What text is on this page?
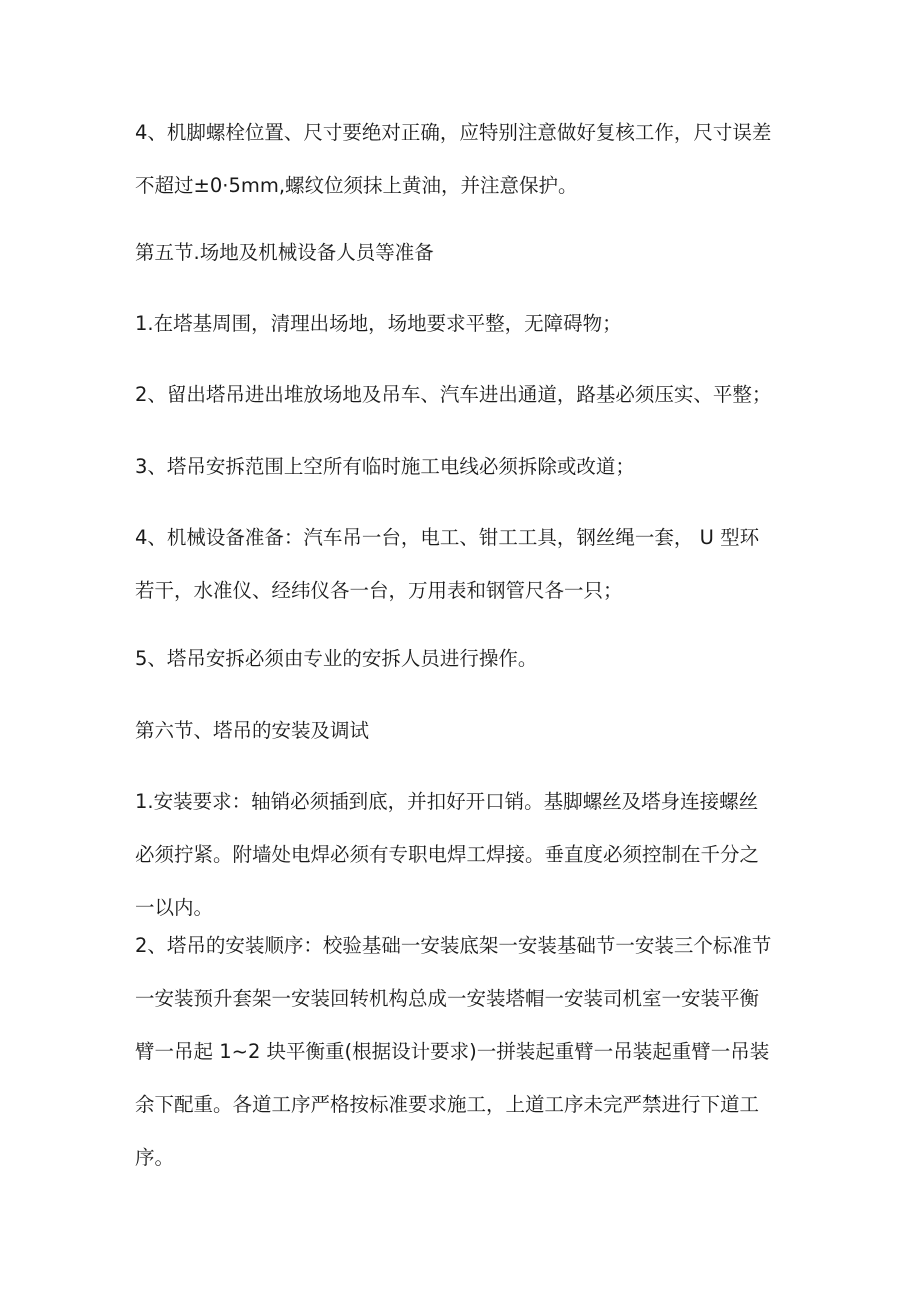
4、机脚螺栓位置、尺寸要绝对正确，应特别注意做好复核工作，尺寸误差
不超过±0·5mm,螺纹位须抹上黄油，并注意保护。

第五节.场地及机械设备人员等准备

1.在塔基周围，清理出场地，场地要求平整，无障碍物；

2、留出塔吊进出堆放场地及吊车、汽车进出通道，路基必须压实、平整；

3、塔吊安拆范围上空所有临时施工电线必须拆除或改道；

4、机械设备准备：汽车吊一台，电工、钳工工具，钢丝绳一套， U 型环
若干，水准仪、经纬仪各一台，万用表和钢管尺各一只；

5、塔吊安拆必须由专业的安拆人员进行操作。

第六节、塔吊的安装及调试

1.安装要求：轴销必须插到底，并扣好开口销。基脚螺丝及塔身连接螺丝
必须拧紧。附墙处电焊必须有专职电焊工焊接。垂直度必须控制在千分之
一以内。

2、塔吊的安装顺序：校验基础一安装底架一安装基础节一安装三个标准节
一安装预升套架一安装回转机构总成一安装塔帽一安装司机室一安装平衡
臂一吊起 1~2 块平衡重(根据设计要求)一拼装起重臂一吊装起重臂一吊装
余下配重。各道工序严格按标准要求施工，上道工序未完严禁进行下道工
序。
